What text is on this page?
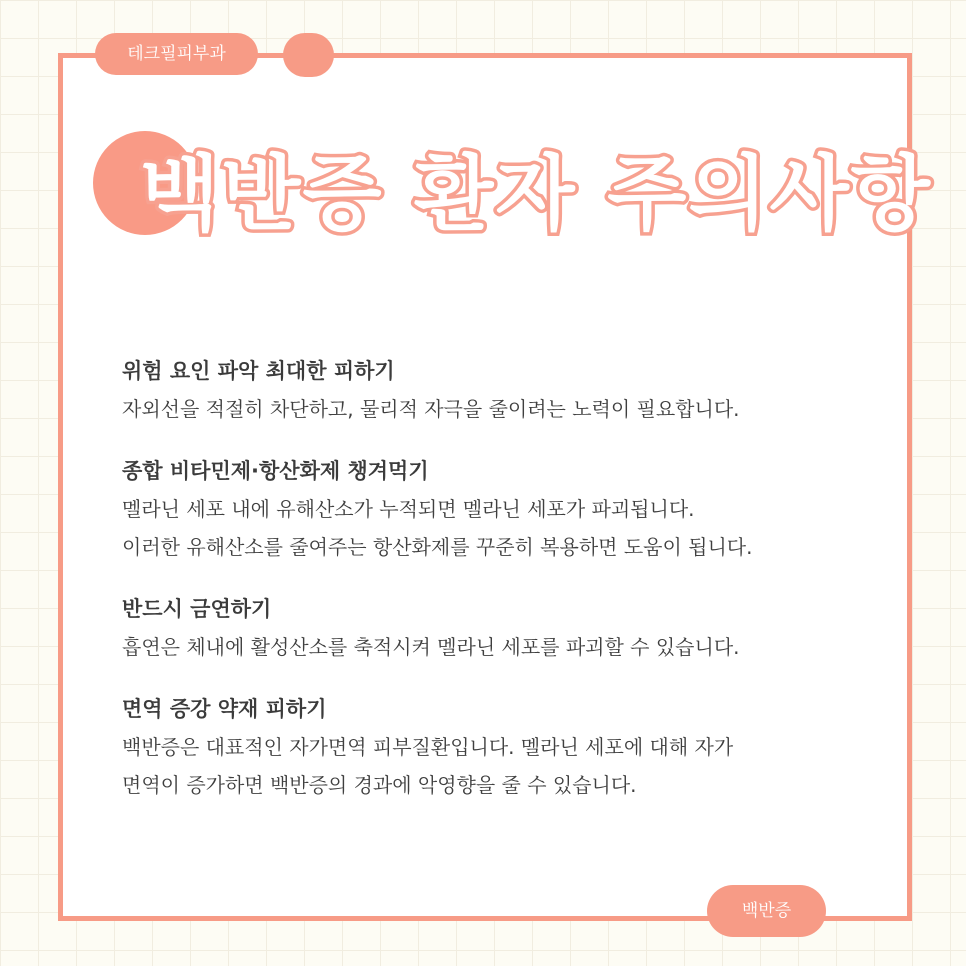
테크필피부과
백반증 환자 주의사항

위험 요인 파악 최대한 피하기

자외선을 적절히 차단하고, 물리적 자극을 줄이려는 노력이 필요합니다.

종합 비타민제·항산화제 챙겨먹기

멜라닌 세포 내에 유해산소가 누적되면 멜라닌 세포가 파괴됩니다.

이러한 유해산소를 줄여주는 항산화제를 꾸준히 복용하면 도움이 됩니다.

반드시 금연하기

흡연은 체내에 활성산소를 축적시켜 멜라닌 세포를 파괴할 수 있습니다.

면역 증강 약재 피하기

백반증은 대표적인 자가면역 피부질환입니다. 멜라닌 세포에 대해 자가

면역이 증가하면 백반증의 경과에 악영향을 줄 수 있습니다.

백반증
